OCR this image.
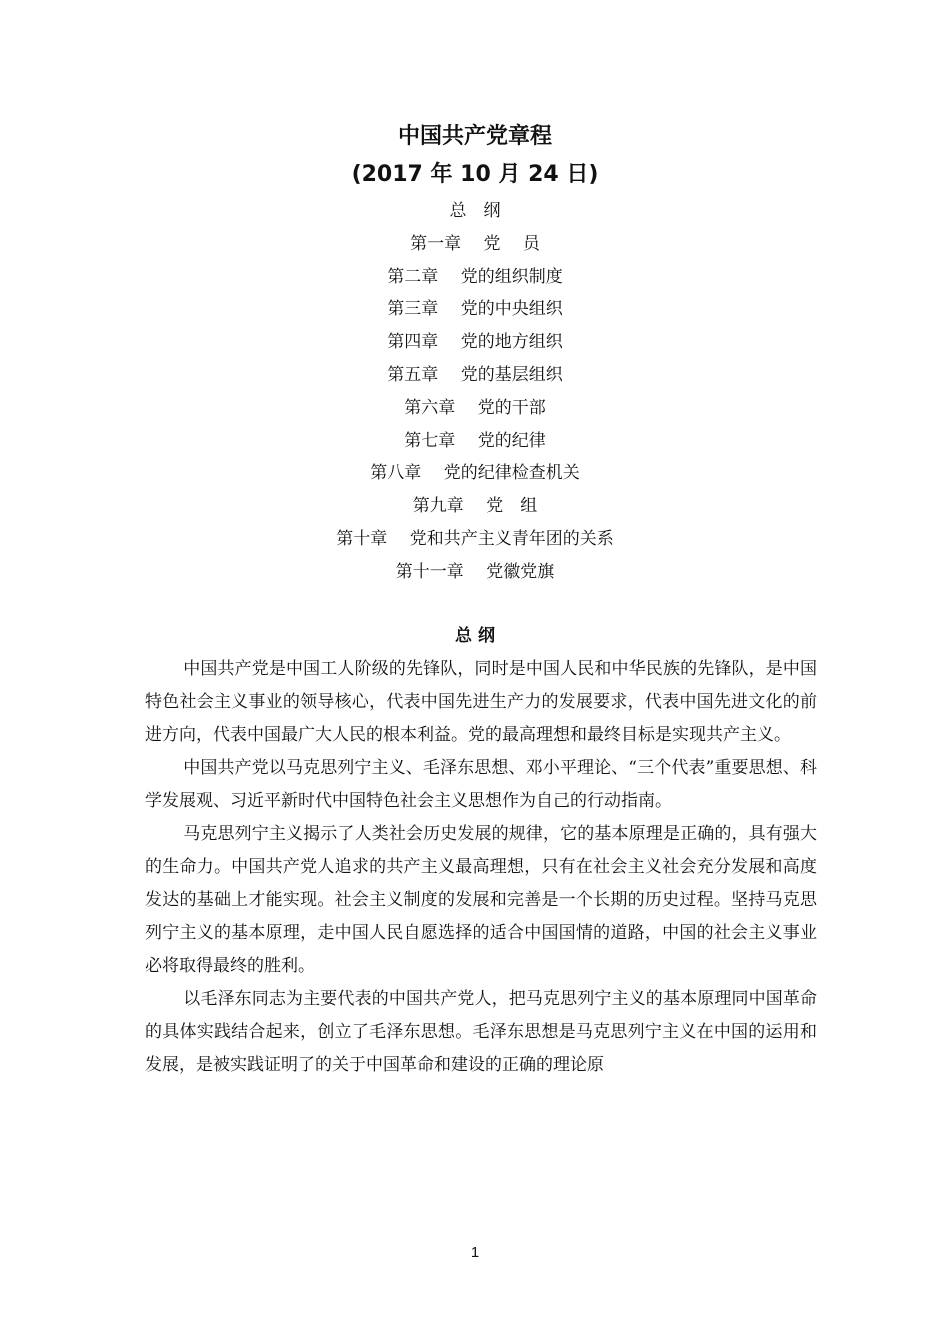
中国共产党章程
(2017 年 10 月 24 日)
总　纲
第一章　 党　 员
第二章　 党的组织制度
第三章　 党的中央组织
第四章　 党的地方组织
第五章　 党的基层组织
第六章　 党的干部
第七章　 党的纪律
第八章　 党的纪律检查机关
第九章　 党　组
第十章　 党和共产主义青年团的关系
第十一章　 党徽党旗
总 纲

中国共产党是中国工人阶级的先锋队，同时是中国人民和中华民族的先锋队，是中国特色社会主义事业的领导核心，代表中国先进生产力的发展要求，代表中国先进文化的前进方向，代表中国最广大人民的根本利益。党的最高理想和最终目标是实现共产主义。

中国共产党以马克思列宁主义、毛泽东思想、邓小平理论、“三个代表”重要思想、科学发展观、习近平新时代中国特色社会主义思想作为自己的行动指南。

马克思列宁主义揭示了人类社会历史发展的规律，它的基本原理是正确的，具有强大的生命力。中国共产党人追求的共产主义最高理想，只有在社会主义社会充分发展和高度发达的基础上才能实现。社会主义制度的发展和完善是一个长期的历史过程。坚持马克思列宁主义的基本原理，走中国人民自愿选择的适合中国国情的道路，中国的社会主义事业必将取得最终的胜利。

以毛泽东同志为主要代表的中国共产党人，把马克思列宁主义的基本原理同中国革命的具体实践结合起来，创立了毛泽东思想。毛泽东思想是马克思列宁主义在中国的运用和发展，是被实践证明了的关于中国革命和建设的正确的理论原

1
